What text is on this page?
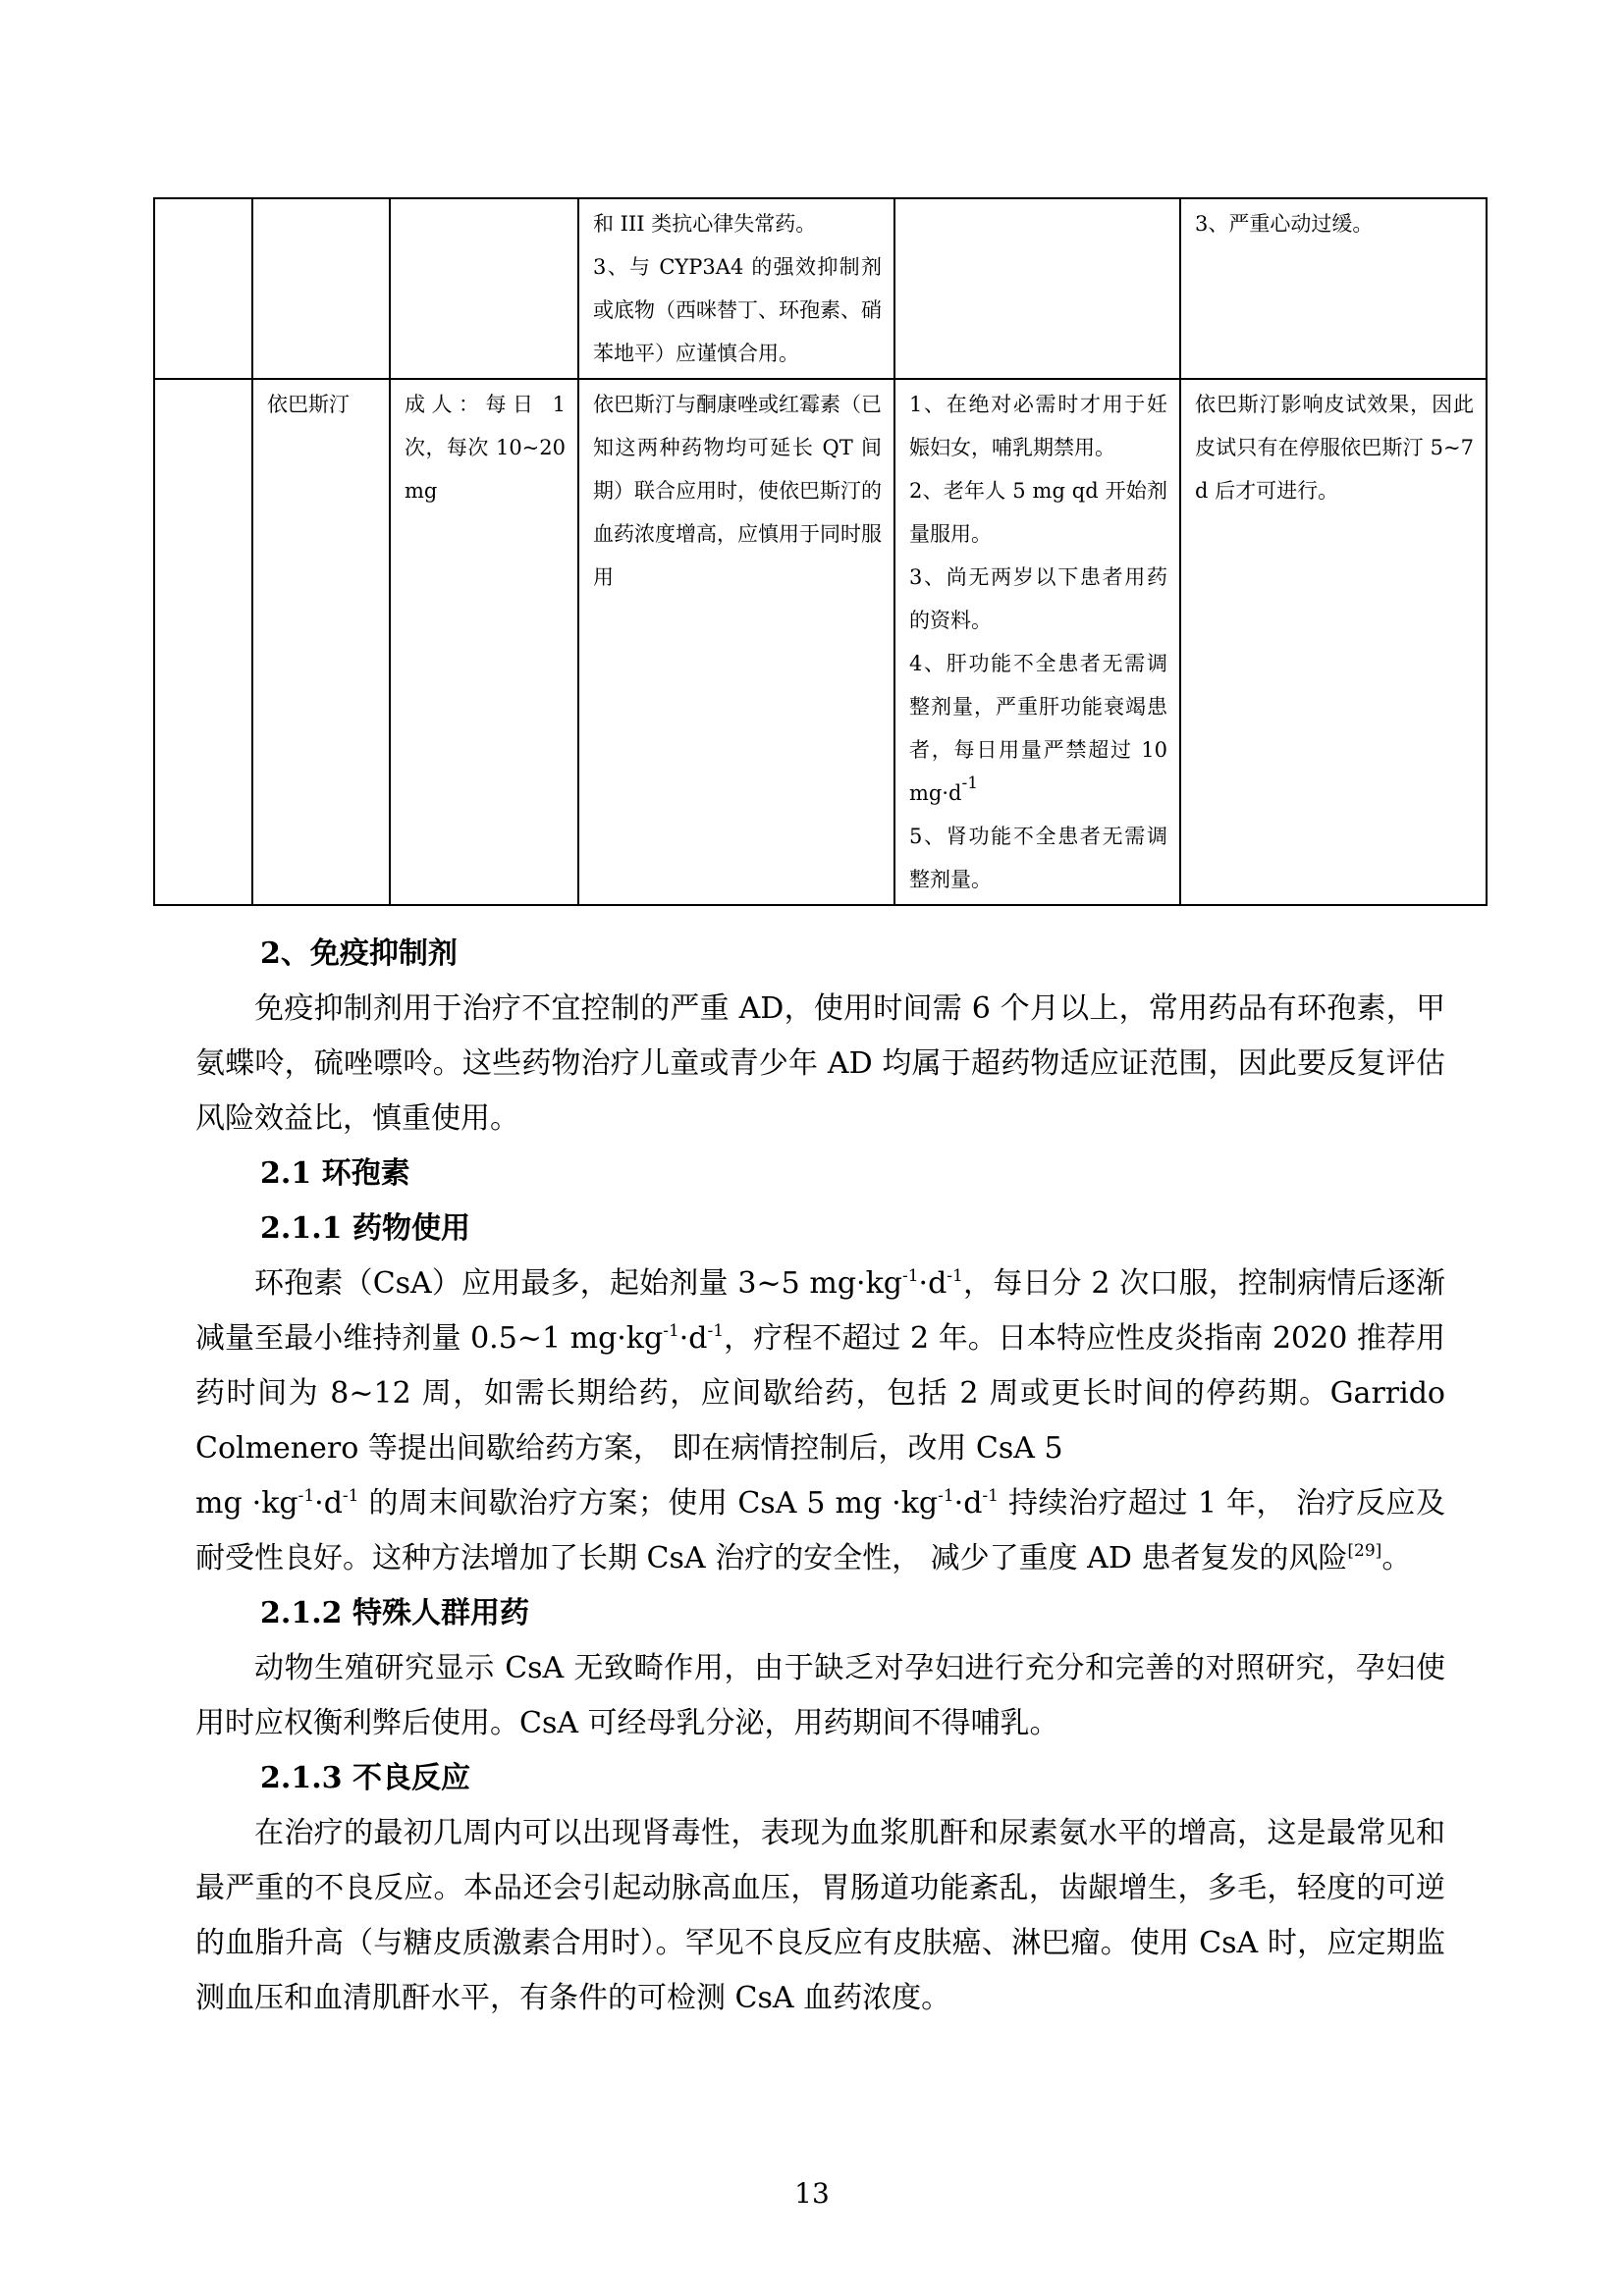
			和 III 类抗心律失常药。
3、与 CYP3A4 的强效抑制剂或底物（西咪替丁、环孢素、硝苯地平）应谨慎合用。		3、严重心动过缓。
	依巴斯汀	成人：每日 1 次，每次 10~20 mg	依巴斯汀与酮康唑或红霉素（已知这两种药物均可延长 QT 间期）联合应用时，使依巴斯汀的血药浓度增高，应慎用于同时服用	1、在绝对必需时才用于妊娠妇女，哺乳期禁用。
2、老年人 5 mg qd 开始剂量服用。
3、尚无两岁以下患者用药的资料。
4、肝功能不全患者无需调整剂量，严重肝功能衰竭患者，每日用量严禁超过 10 $mg\cdot d^{-1}$
5、肾功能不全患者无需调整剂量。	依巴斯汀影响皮试效果，因此皮试只有在停服依巴斯汀 5~7 d 后才可进行。
2、免疫抑制剂

免疫抑制剂用于治疗不宜控制的严重 AD，使用时间需 6 个月以上，常用药品有环孢素，甲氨蝶呤，硫唑嘌呤。这些药物治疗儿童或青少年 AD 均属于超药物适应证范围，因此要反复评估风险效益比，慎重使用。

2.1 环孢素
2.1.1 药物使用

环孢素（CsA）应用最多，起始剂量 3~5 $mg\cdot kg^{-1}\cdot d^{-1}$，每日分 2 次口服，控制病情后逐渐减量至最小维持剂量 0.5~1 $mg\cdot kg^{-1}\cdot d^{-1}$，疗程不超过 2 年。日本特应性皮炎指南 2020 推荐用药时间为 8~12 周，如需长期给药，应间歇给药，包括 2 周或更长时间的停药期。Garrido Colmenero 等提出间歇给药方案， 即在病情控制后，改用 CsA 5
mg $\cdot kg^{-1}\cdot d^{-1}$ 的周末间歇治疗方案；使用 CsA 5 mg $\cdot kg^{-1}\cdot d^{-1}$ 持续治疗超过 1 年， 治疗反应及耐受性良好。这种方法增加了长期 CsA 治疗的安全性， 减少了重度 AD 患者复发的风险[29]。

2.1.2 特殊人群用药

动物生殖研究显示 CsA 无致畸作用，由于缺乏对孕妇进行充分和完善的对照研究，孕妇使用时应权衡利弊后使用。CsA 可经母乳分泌，用药期间不得哺乳。

2.1.3 不良反应

在治疗的最初几周内可以出现肾毒性，表现为血浆肌酐和尿素氨水平的增高，这是最常见和最严重的不良反应。本品还会引起动脉高血压，胃肠道功能紊乱，齿龈增生，多毛，轻度的可逆的血脂升高（与糖皮质激素合用时）。罕见不良反应有皮肤癌、淋巴瘤。使用 CsA 时，应定期监测血压和血清肌酐水平，有条件的可检测 CsA 血药浓度。

13
